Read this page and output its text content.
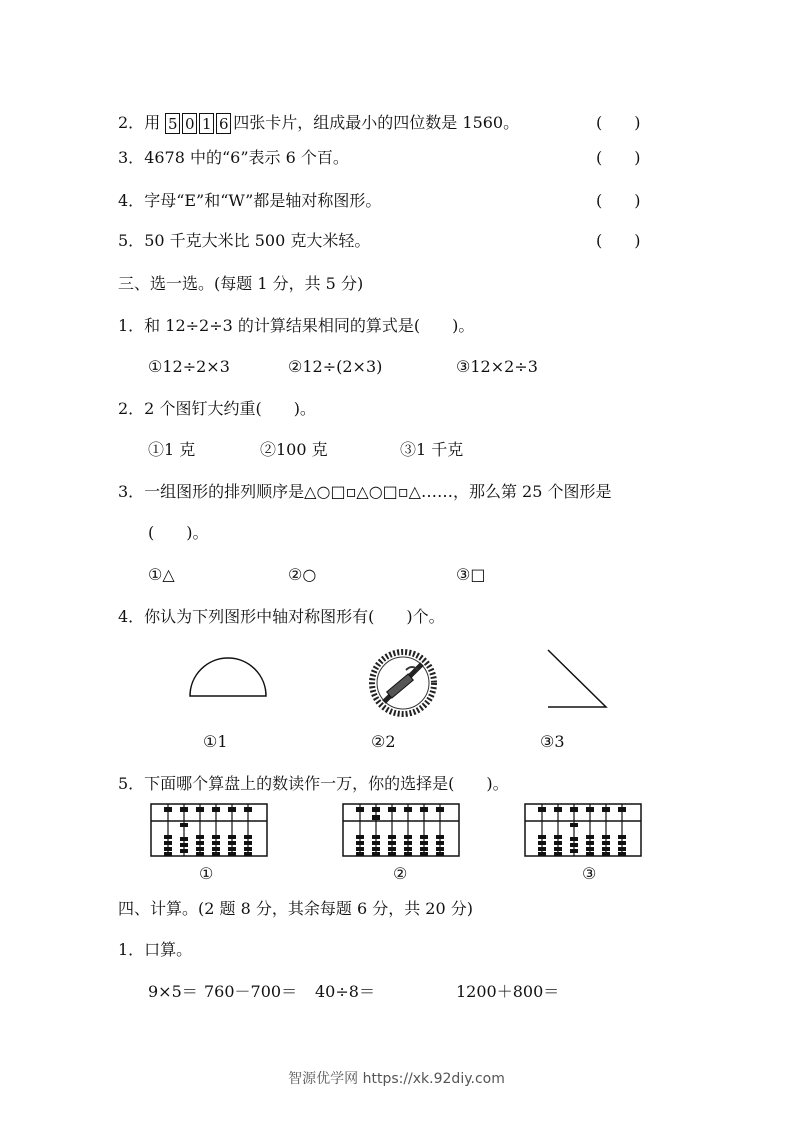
2．用 5 0 1 6 四张卡片，组成最小的四位数是 1560。	(　　)
3．4678 中的“6”表示 6 个百。	(　　)
4．字母“E”和“W”都是轴对称图形。	(　　)
5．50 千克大米比 500 克大米轻。	(　　)
三、选一选。(每题 1 分，共 5 分)
1．和 12÷2÷3 的计算结果相同的算式是(　　)。
①12÷2×3	②12÷(2×3)	③12×2÷3
2．2 个图钉大约重(　　)。
①1 克	②100 克	③1 千克
3．一组图形的排列顺序是△○□▫△○□▫△……，那么第 25 个图形是
(　　)。
①△	②○	③□
4．你认为下列图形中轴对称图形有(　　)个。
①1	②2	③3
5．下面哪个算盘上的数读作一万，你的选择是(　　)。
①	②	③
四、计算。(2 题 8 分，其余每题 6 分，共 20 分)
1．口算。
9×5＝ 760－700＝ 40÷8＝	1200＋800＝
智源优学网 https://xk.92diy.com
